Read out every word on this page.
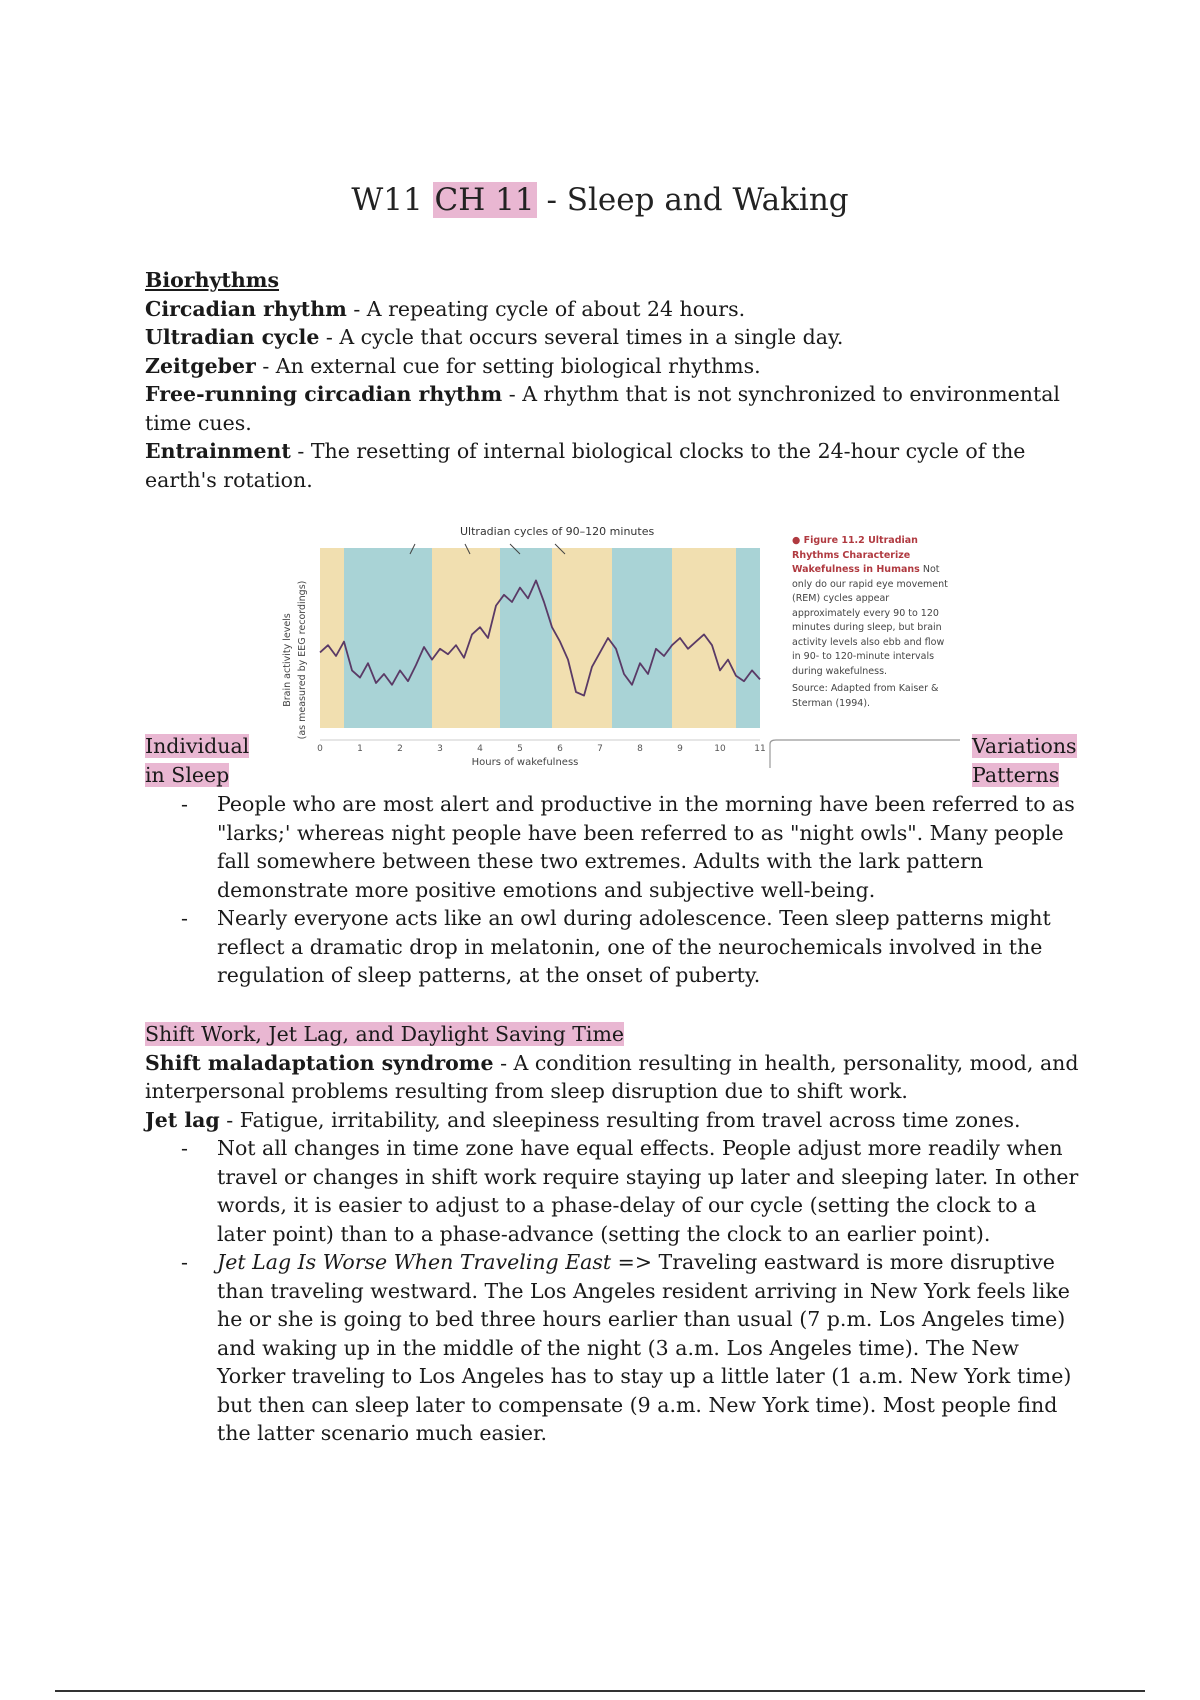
W11 CH 11 - Sleep and Waking

Biorhythms

Circadian rhythm - A repeating cycle of about 24 hours.

Ultradian cycle - A cycle that occurs several times in a single day.

Zeitgeber - An external cue for setting biological rhythms.

Free-running circadian rhythm - A rhythm that is not synchronized to environmental time cues.

Entrainment - The resetting of internal biological clocks to the 24-hour cycle of the earth's rotation.

0	1	2	3	4	5	6	7	8	9	10	11
Ultradian cycles of 90–120 minutes
Brain activity levels (as measured by EEG recordings)
Hours of wakefulness
● Figure 11.2 Ultradian Rhythms Characterize Wakefulness in Humans Not only do our rapid eye movement (REM) cycles appear approximately every 90 to 120 minutes during sleep, but brain activity levels also ebb and flow in 90- to 120-minute intervals during wakefulness.
Source: Adapted from Kaiser & Sterman (1994).
Individual
in Sleep
Variations
Patterns
- People who are most alert and productive in the morning have been referred to as "larks;' whereas night people have been referred to as "night owls". Many people fall somewhere between these two extremes. Adults with the lark pattern demonstrate more positive emotions and subjective well-being.
- Nearly everyone acts like an owl during adolescence. Teen sleep patterns might reflect a dramatic drop in melatonin, one of the neurochemicals involved in the regulation of sleep patterns, at the onset of puberty.

Shift Work, Jet Lag, and Daylight Saving Time

Shift maladaptation syndrome - A condition resulting in health, personality, mood, and interpersonal problems resulting from sleep disruption due to shift work.

Jet lag - Fatigue, irritability, and sleepiness resulting from travel across time zones.

- Not all changes in time zone have equal effects. People adjust more readily when travel or changes in shift work require staying up later and sleeping later. In other words, it is easier to adjust to a phase-delay of our cycle (setting the clock to a later point) than to a phase-advance (setting the clock to an earlier point).
- Jet Lag Is Worse When Traveling East => Traveling eastward is more disruptive than traveling westward. The Los Angeles resident arriving in New York feels like he or she is going to bed three hours earlier than usual (7 p.m. Los Angeles time) and waking up in the middle of the night (3 a.m. Los Angeles time). The New Yorker traveling to Los Angeles has to stay up a little later (1 a.m. New York time) but then can sleep later to compensate (9 a.m. New York time). Most people find the latter scenario much easier.
